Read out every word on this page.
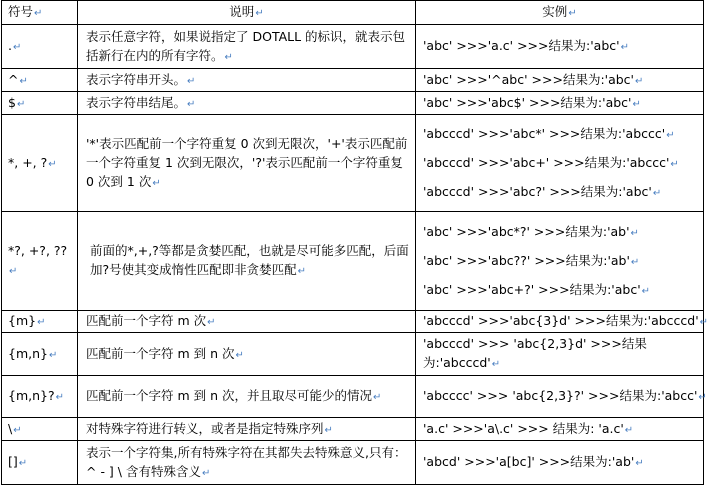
符号↵	说明↵	实例↵
.↵	表示任意字符，如果说指定了 DOTALL 的标识，就表示包括新行在内的所有字符。↵	'abc' >>>'a.c' >>>结果为:'abc'↵

^↵	表示字符串开头。↵	'abc' >>>'^abc' >>>结果为:'abc'↵

$↵	表示字符串结尾。↵	'abc' >>>'abc$' >>>结果为:'abc'↵

*, +, ?↵	'*'表示匹配前一个字符重复 0 次到无限次，'+'表示匹配前一个字符重复 1 次到无限次，'?'表示匹配前一个字符重复 0 次到 1 次↵	'abcccd' >>>'abc*' >>>结果为:'abccc'↵
'abcccd' >>>'abc+' >>>结果为:'abccc'↵
'abcccd' >>>'abc?' >>>结果为:'abc'↵

*?, +?, ??↵	前面的*,+,?等都是贪婪匹配，也就是尽可能多匹配，后面加?号使其变成惰性匹配即非贪婪匹配↵	'abc' >>>'abc*?' >>>结果为:'ab'↵
'abc' >>>'abc??' >>>结果为:'ab'↵
'abc' >>>'abc+?' >>>结果为:'abc'↵

{m}↵	匹配前一个字符 m 次↵	'abcccd' >>>'abc{3}d' >>>结果为:'abcccd'↵

{m,n}↵	匹配前一个字符 m 到 n 次↵	'abcccd' >>> 'abc{2,3}d' >>>结果
为:'abcccd'↵

{m,n}?↵	匹配前一个字符 m 到 n 次，并且取尽可能少的情况↵	'abcccc' >>> 'abc{2,3}?' >>>结果为:'abcc'↵

\↵	对特殊字符进行转义，或者是指定特殊序列↵	'a.c' >>>'a\.c' >>> 结果为: 'a.c'↵

[]↵	表示一个字符集,所有特殊字符在其都失去特殊意义,只有： ^ - ] \ 含有特殊含义↵	'abcd' >>>'a[bc]' >>>结果为:'ab'↵
